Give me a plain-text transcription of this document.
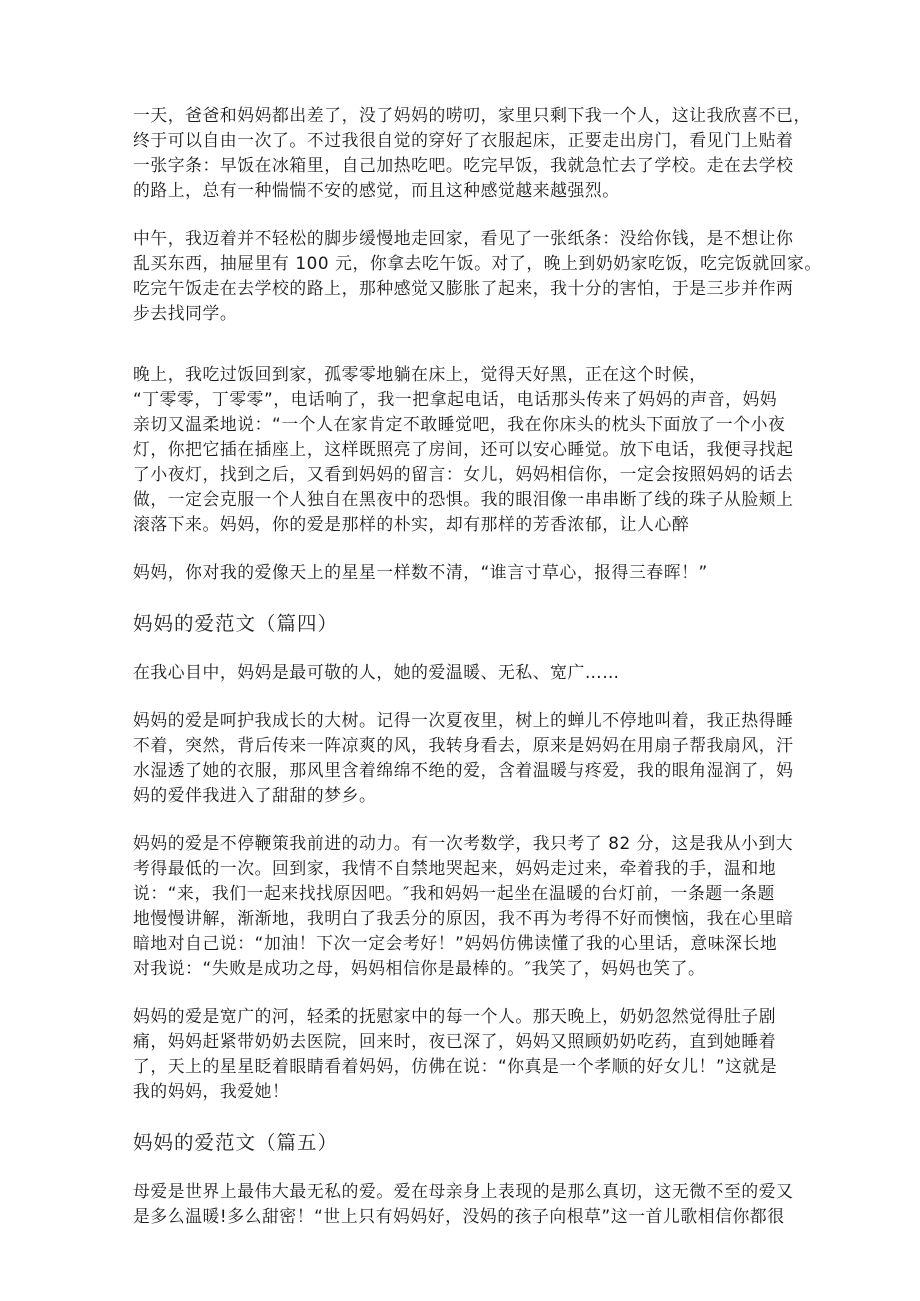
一天，爸爸和妈妈都出差了，没了妈妈的唠叨，家里只剩下我一个人，这让我欣喜不已，
终于可以自由一次了。不过我很自觉的穿好了衣服起床，正要走出房门，看见门上贴着
一张字条：早饭在冰箱里，自己加热吃吧。吃完早饭，我就急忙去了学校。走在去学校
的路上，总有一种惴惴不安的感觉，而且这种感觉越来越强烈。

中午，我迈着并不轻松的脚步缓慢地走回家，看见了一张纸条：没给你钱，是不想让你
乱买东西，抽屉里有 100 元，你拿去吃午饭。对了，晚上到奶奶家吃饭，吃完饭就回家。
吃完午饭走在去学校的路上，那种感觉又膨胀了起来，我十分的害怕，于是三步并作两
步去找同学。

晚上，我吃过饭回到家，孤零零地躺在床上，觉得天好黑，正在这个时候，
“丁零零，丁零零”，电话响了，我一把拿起电话，电话那头传来了妈妈的声音，妈妈
亲切又温柔地说：“一个人在家肯定不敢睡觉吧，我在你床头的枕头下面放了一个小夜
灯，你把它插在插座上，这样既照亮了房间，还可以安心睡觉。放下电话，我便寻找起
了小夜灯，找到之后，又看到妈妈的留言：女儿，妈妈相信你，一定会按照妈妈的话去
做，一定会克服一个人独自在黑夜中的恐惧。我的眼泪像一串串断了线的珠子从脸颊上
滚落下来。妈妈，你的爱是那样的朴实，却有那样的芳香浓郁，让人心醉

妈妈，你对我的爱像天上的星星一样数不清，“谁言寸草心，报得三春晖！”

妈妈的爱范文（篇四）

在我心目中，妈妈是最可敬的人，她的爱温暖、无私、宽广……

妈妈的爱是呵护我成长的大树。记得一次夏夜里，树上的蝉儿不停地叫着，我正热得睡
不着，突然，背后传来一阵凉爽的风，我转身看去，原来是妈妈在用扇子帮我扇风，汗
水湿透了她的衣服，那风里含着绵绵不绝的爱，含着温暖与疼爱，我的眼角湿润了，妈
妈的爱伴我进入了甜甜的梦乡。

妈妈的爱是不停鞭策我前进的动力。有一次考数学，我只考了 82 分，这是我从小到大
考得最低的一次。回到家，我情不自禁地哭起来，妈妈走过来，牵着我的手，温和地
说：“来，我们一起来找找原因吧。″我和妈妈一起坐在温暖的台灯前，一条题一条题
地慢慢讲解，渐渐地，我明白了我丢分的原因，我不再为考得不好而懊恼，我在心里暗
暗地对自己说：“加油！下次一定会考好！”妈妈仿佛读懂了我的心里话，意味深长地
对我说：“失败是成功之母，妈妈相信你是最棒的。″我笑了，妈妈也笑了。

妈妈的爱是宽广的河，轻柔的抚慰家中的每一个人。那天晚上，奶奶忽然觉得肚子剧
痛，妈妈赶紧带奶奶去医院，回来时，夜已深了，妈妈又照顾奶奶吃药，直到她睡着
了，天上的星星眨着眼睛看着妈妈，仿佛在说：“你真是一个孝顺的好女儿！”这就是
我的妈妈，我爱她！

妈妈的爱范文（篇五）

母爱是世界上最伟大最无私的爱。爱在母亲身上表现的是那么真切，这无微不至的爱又
是多么温暖!多么甜密！“世上只有妈妈好，没妈的孩子向根草”这一首儿歌相信你都很
